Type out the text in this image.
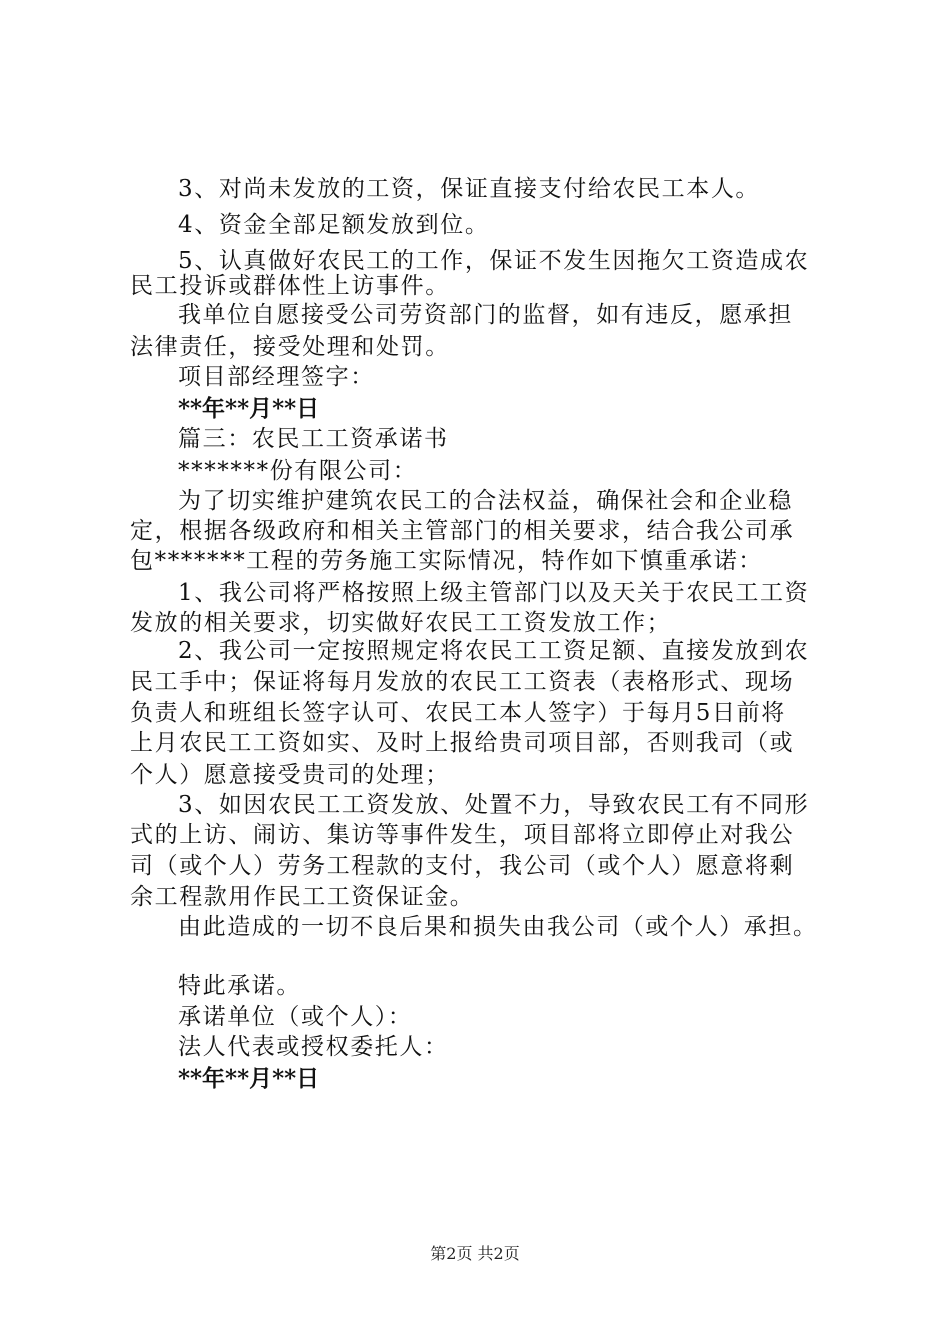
3、对尚未发放的工资，保证直接支付给农民工本人。
4、资金全部足额发放到位。
5、认真做好农民工的工作，保证不发生因拖欠工资造成农
民工投诉或群体性上访事件。
我单位自愿接受公司劳资部门的监督，如有违反，愿承担
法律责任，接受处理和处罚。
项目部经理签字：
**年**月**日
篇三：农民工工资承诺书
*******份有限公司：
为了切实维护建筑农民工的合法权益，确保社会和企业稳
定，根据各级政府和相关主管部门的相关要求，结合我公司承
包*******工程的劳务施工实际情况，特作如下慎重承诺：
1、我公司将严格按照上级主管部门以及天关于农民工工资
发放的相关要求，切实做好农民工工资发放工作；
2、我公司一定按照规定将农民工工资足额、直接发放到农
民工手中；保证将每月发放的农民工工资表（表格形式、现场
负责人和班组长签字认可、农民工本人签字）于每月5日前将
上月农民工工资如实、及时上报给贵司项目部，否则我司（或
个人）愿意接受贵司的处理；
3、如因农民工工资发放、处置不力，导致农民工有不同形
式的上访、闹访、集访等事件发生，项目部将立即停止对我公
司（或个人）劳务工程款的支付，我公司（或个人）愿意将剩
余工程款用作民工工资保证金。
由此造成的一切不良后果和损失由我公司（或个人）承担。
特此承诺。
承诺单位（或个人）：
法人代表或授权委托人：
**年**月**日
第2页 共2页
